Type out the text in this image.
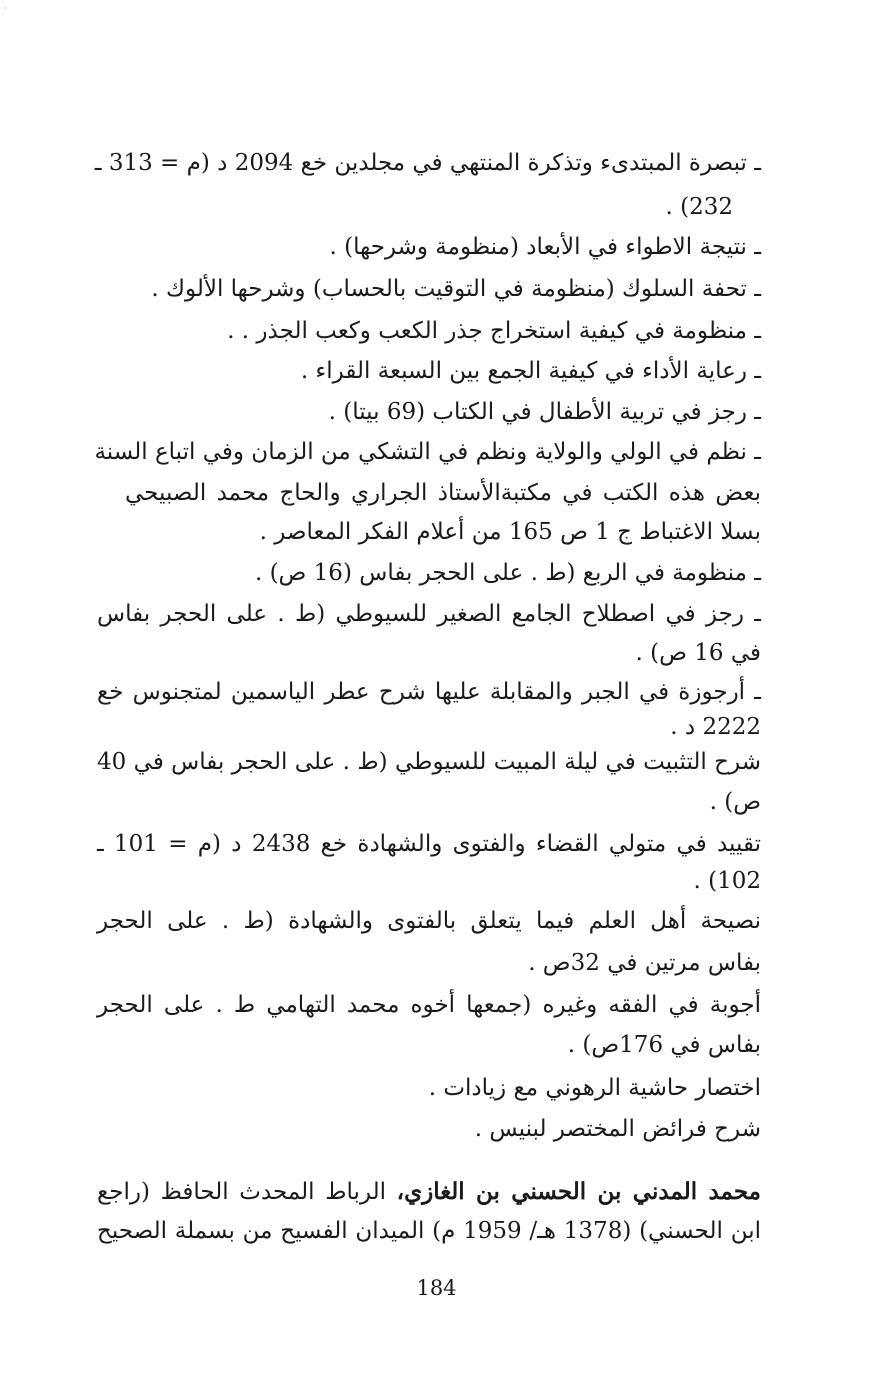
·
ـ تبصرة المبتدىء وتذكرة المنتهي في مجلدين خع 2094 د (م = 313 ـ
232) .
ـ نتيجة الاطواء في الأبعاد (منظومة وشرحها) .
ـ تحفة السلوك (منظومة في التوقيت بالحساب) وشرحها الألوك .
ـ منظومة في كيفية استخراج جذر الكعب وكعب الجذر . .
ـ رعاية الأداء في كيفية الجمع بين السبعة القراء .
ـ رجز في تربية الأطفال في الكتاب (69 بيتا) .
ـ نظم في الولي والولاية ونظم في التشكي من الزمان وفي اتباع السنة
بعض هذه الكتب في مكتبةالأستاذ الجراري والحاج محمد الصبيحي
بسلا الاغتباط ج 1 ص 165 من أعلام الفكر المعاصر .
ـ منظومة في الربع (ط . على الحجر بفاس (16 ص) .
ـ رجز في اصطلاح الجامع الصغير للسيوطي (ط . على الحجر بفاس
في 16 ص) .
ـ أرجوزة في الجبر والمقابلة عليها شرح عطر الياسمين لمتجنوس خع
2222 د .
شرح التثبيت في ليلة المبيت للسيوطي (ط . على الحجر بفاس في 40
ص) .
تقييد في متولي القضاء والفتوى والشهادة خع 2438 د (م = 101 ـ
102) .
نصيحة أهل العلم فيما يتعلق بالفتوى والشهادة (ط . على الحجر
بفاس مرتين في 32ص .
أجوبة في الفقه وغيره (جمعها أخوه محمد التهامي ط . على الحجر
بفاس في 176ص) .
اختصار حاشية الرهوني مع زيادات .
شرح فرائض المختصر لبنيس .
محمد المدني بن الحسني بن الغازي، الرباط المحدث الحافظ (راجع
ابن الحسني) (1378 هـ/ 1959 م) الميدان الفسيح من بسملة الصحيح
184
